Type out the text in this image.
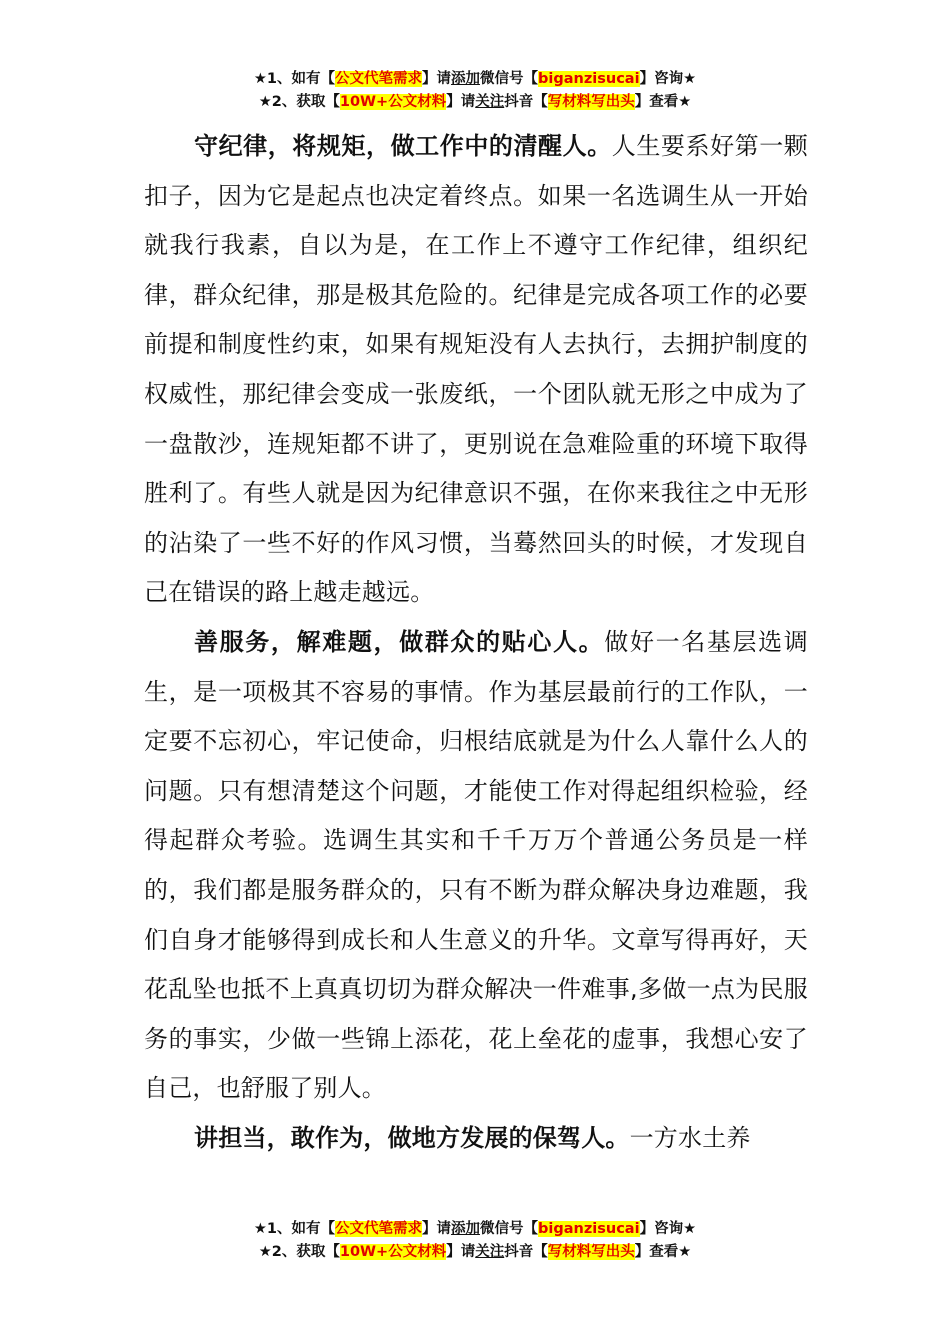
★1、如有【公文代笔需求】请添加微信号【biganzisucai】咨询★
★2、获取【10W+公文材料】请关注抖音【写材料写出头】查看★

守纪律，将规矩，做工作中的清醒人。人生要系好第一颗扣子，因为它是起点也决定着终点。如果一名选调生从一开始就我行我素，自以为是，在工作上不遵守工作纪律，组织纪律，群众纪律，那是极其危险的。纪律是完成各项工作的必要前提和制度性约束，如果有规矩没有人去执行，去拥护制度的权威性，那纪律会变成一张废纸，一个团队就无形之中成为了一盘散沙，连规矩都不讲了，更别说在急难险重的环境下取得胜利了。有些人就是因为纪律意识不强，在你来我往之中无形的沾染了一些不好的作风习惯，当蓦然回头的时候，才发现自己在错误的路上越走越远。

善服务，解难题，做群众的贴心人。做好一名基层选调生，是一项极其不容易的事情。作为基层最前行的工作队，一定要不忘初心，牢记使命，归根结底就是为什么人靠什么人的问题。只有想清楚这个问题，才能使工作对得起组织检验，经得起群众考验。选调生其实和千千万万个普通公务员是一样的，我们都是服务群众的，只有不断为群众解决身边难题，我们自身才能够得到成长和人生意义的升华。文章写得再好，天花乱坠也抵不上真真切切为群众解决一件难事,多做一点为民服务的事实，少做一些锦上添花，花上垒花的虚事，我想心安了自己，也舒服了别人。

讲担当，敢作为，做地方发展的保驾人。一方水土养

★1、如有【公文代笔需求】请添加微信号【biganzisucai】咨询★
★2、获取【10W+公文材料】请关注抖音【写材料写出头】查看★
